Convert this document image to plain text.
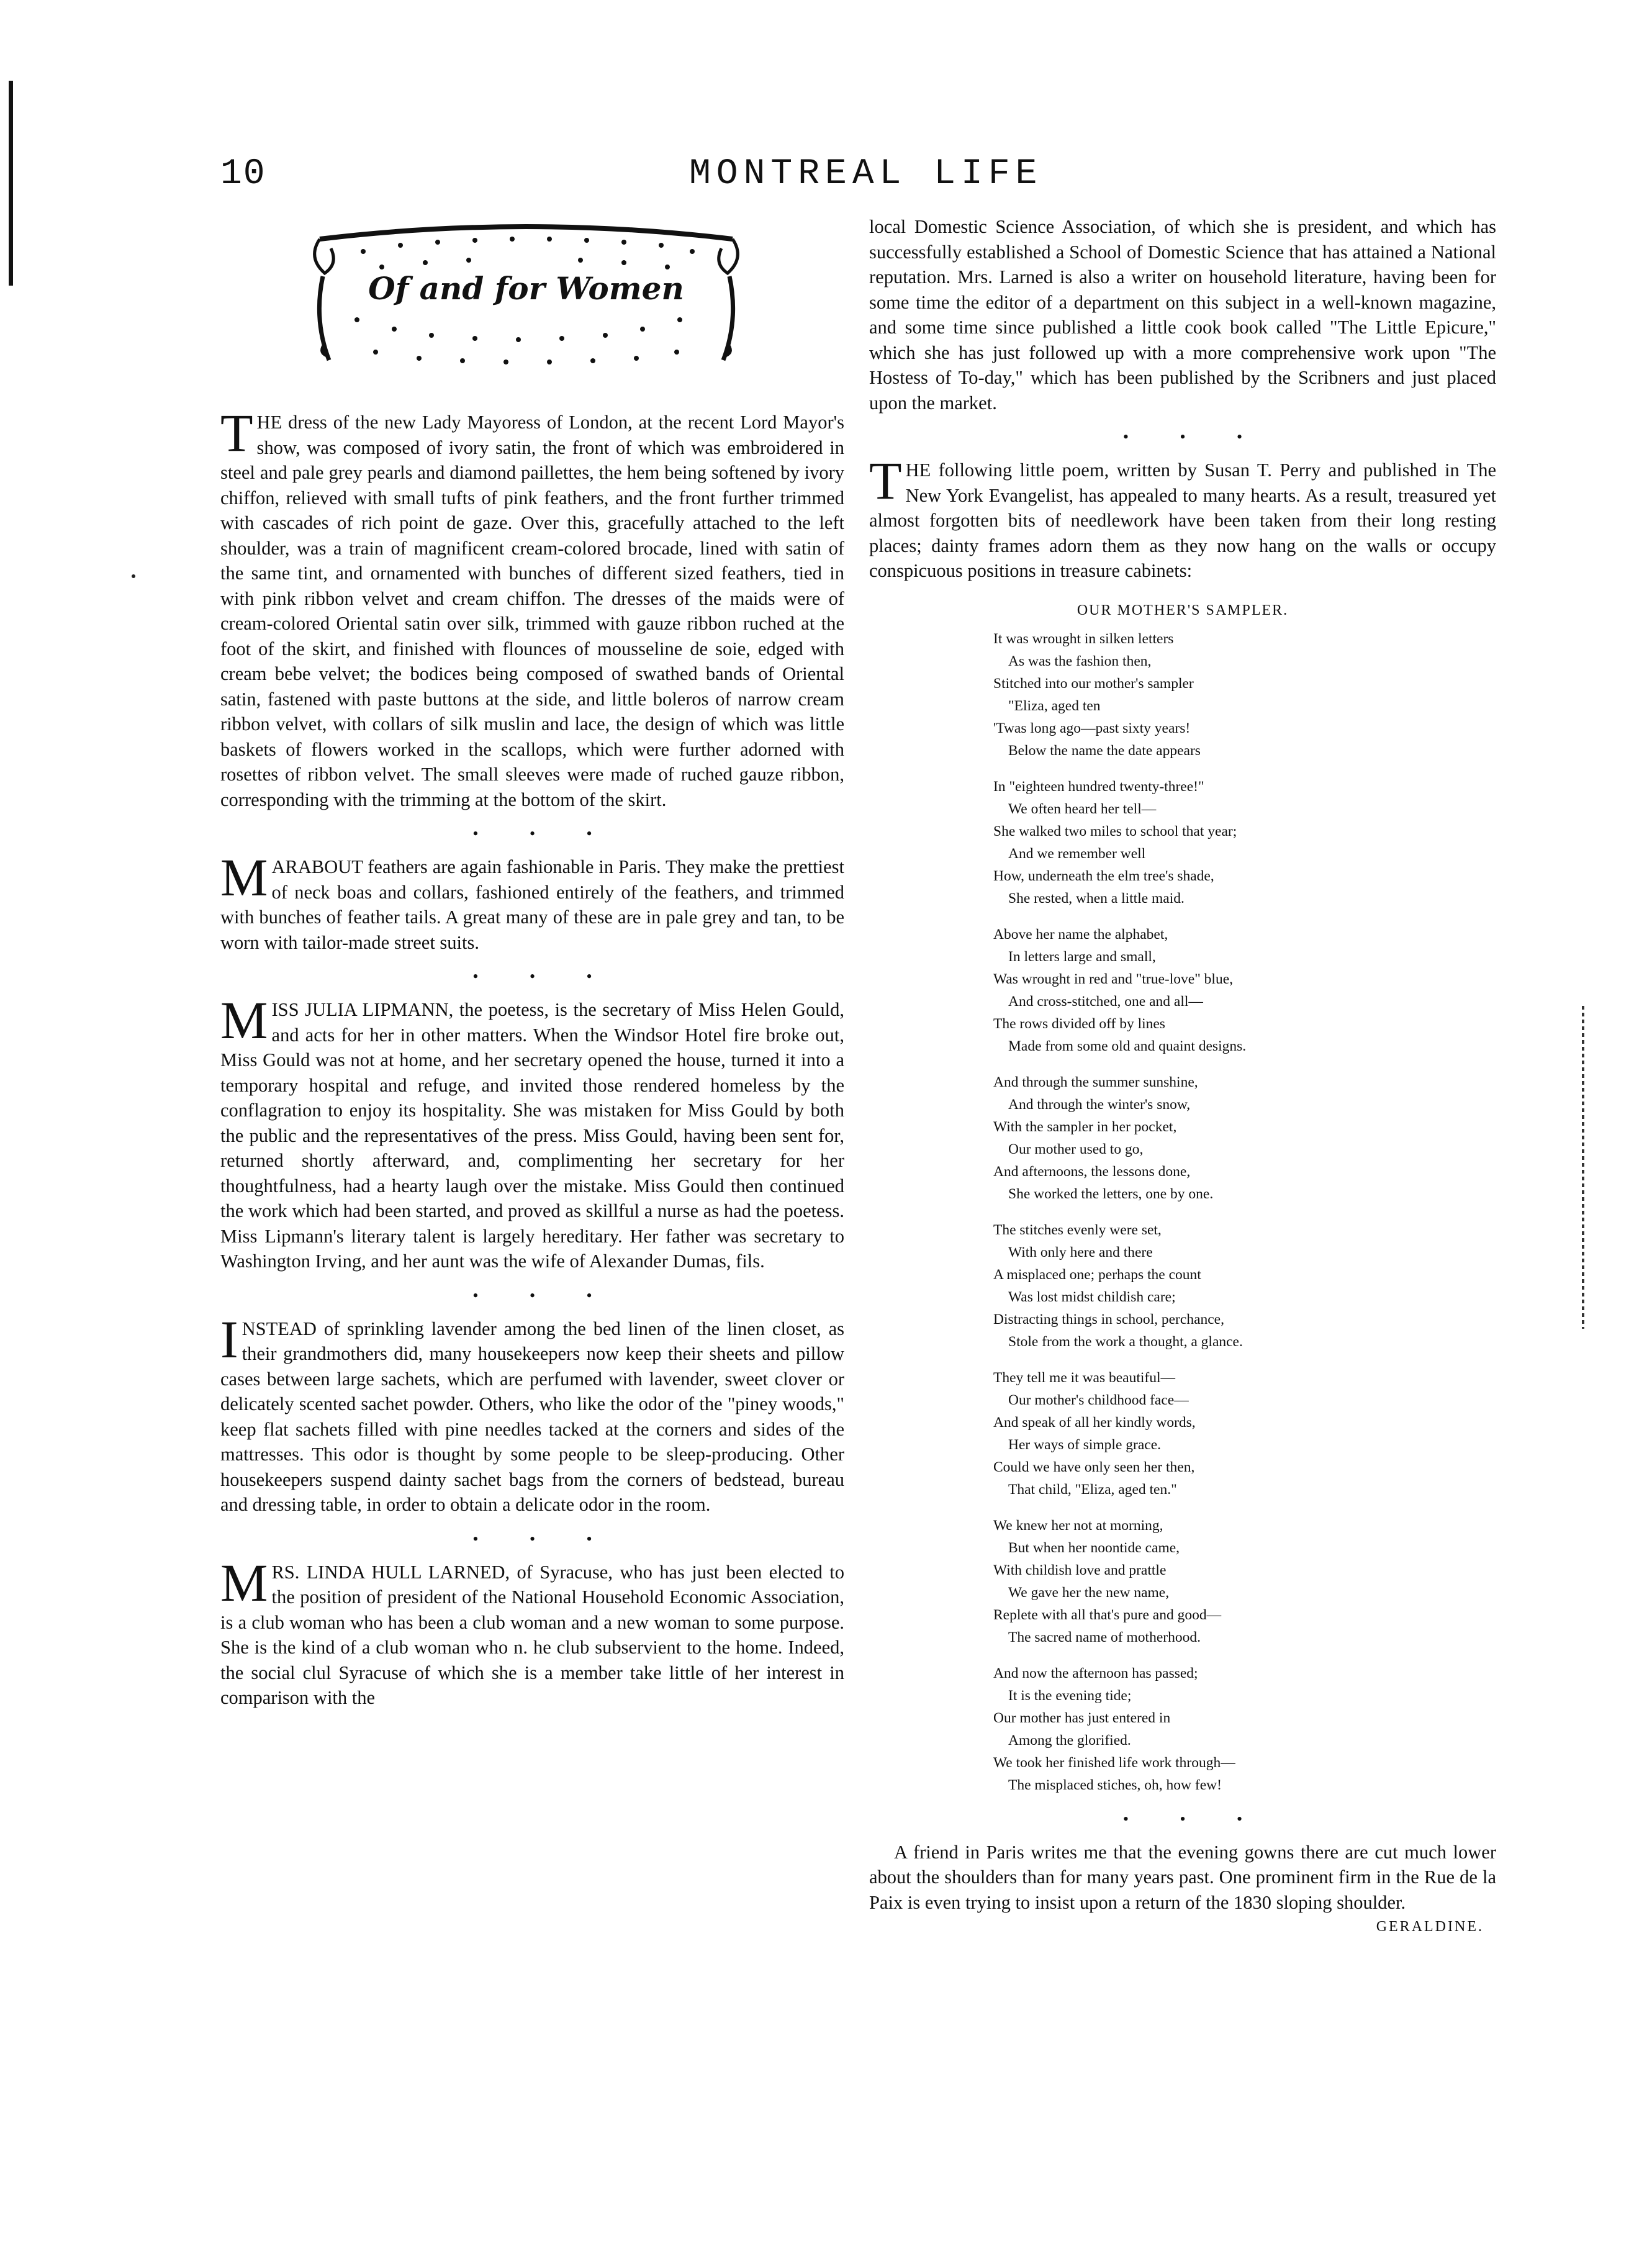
10	MONTREAL LIFE
Of and for Women

THE dress of the new Lady Mayoress of London, at the recent Lord Mayor's show, was composed of ivory satin, the front of which was embroidered in steel and pale grey pearls and diamond paillettes, the hem being softened by ivory chiffon, relieved with small tufts of pink feathers, and the front further trimmed with cascades of rich point de gaze. Over this, gracefully attached to the left shoulder, was a train of magnificent cream-colored brocade, lined with satin of the same tint, and ornamented with bunches of different sized feathers, tied in with pink ribbon velvet and cream chiffon. The dresses of the maids were of cream-colored Oriental satin over silk, trimmed with gauze ribbon ruched at the foot of the skirt, and finished with flounces of mousseline de soie, edged with cream bebe velvet; the bodices being composed of swathed bands of Oriental satin, fastened with paste buttons at the side, and little boleros of narrow cream ribbon velvet, with collars of silk muslin and lace, the design of which was little baskets of flowers worked in the scallops, which were further adorned with rosettes of ribbon velvet. The small sleeves were made of ruched gauze ribbon, corresponding with the trimming at the bottom of the skirt.

• • •

MARABOUT feathers are again fashionable in Paris. They make the prettiest of neck boas and collars, fashioned entirely of the feathers, and trimmed with bunches of feather tails. A great many of these are in pale grey and tan, to be worn with tailor-made street suits.

• • •

MISS JULIA LIPMANN, the poetess, is the secretary of Miss Helen Gould, and acts for her in other matters. When the Windsor Hotel fire broke out, Miss Gould was not at home, and her secretary opened the house, turned it into a temporary hospital and refuge, and invited those rendered homeless by the conflagration to enjoy its hospitality. She was mistaken for Miss Gould by both the public and the representatives of the press. Miss Gould, having been sent for, returned shortly afterward, and, complimenting her secretary for her thoughtfulness, had a hearty laugh over the mistake. Miss Gould then continued the work which had been started, and proved as skillful a nurse as had the poetess. Miss Lipmann's literary talent is largely hereditary. Her father was secretary to Washington Irving, and her aunt was the wife of Alexander Dumas, fils.

• • •

INSTEAD of sprinkling lavender among the bed linen of the linen closet, as their grandmothers did, many housekeepers now keep their sheets and pillow cases between large sachets, which are perfumed with lavender, sweet clover or delicately scented sachet powder. Others, who like the odor of the "piney woods," keep flat sachets filled with pine needles tacked at the corners and sides of the mattresses. This odor is thought by some people to be sleep-producing. Other housekeepers suspend dainty sachet bags from the corners of bedstead, bureau and dressing table, in order to obtain a delicate odor in the room.

• • •

MRS. LINDA HULL LARNED, of Syracuse, who has just been elected to the position of president of the National Household Economic Association, is a club woman who has been a club woman and a new woman to some purpose. She is the kind of a club woman who n. he club subservient to the home. Indeed, the social clul Syracuse of which she is a member take little of her interest in comparison with the

local Domestic Science Association, of which she is president, and which has successfully established a School of Domestic Science that has attained a National reputation. Mrs. Larned is also a writer on household literature, having been for some time the editor of a department on this subject in a well-known magazine, and some time since published a little cook book called "The Little Epicure," which she has just followed up with a more comprehensive work upon "The Hostess of To-day," which has been published by the Scribners and just placed upon the market.

• • •

THE following little poem, written by Susan T. Perry and published in The New York Evangelist, has appealed to many hearts. As a result, treasured yet almost forgotten bits of needlework have been taken from their long resting places; dainty frames adorn them as they now hang on the walls or occupy conspicuous positions in treasure cabinets:

OUR MOTHER'S SAMPLER.
It was wrought in silken letters
As was the fashion then,
Stitched into our mother's sampler
"Eliza, aged ten
'Twas long ago—past sixty years!
Below the name the date appears
In "eighteen hundred twenty-three!"
We often heard her tell—
She walked two miles to school that year;
And we remember well
How, underneath the elm tree's shade,
She rested, when a little maid.
Above her name the alphabet,
In letters large and small,
Was wrought in red and "true-love" blue,
And cross-stitched, one and all—
The rows divided off by lines
Made from some old and quaint designs.
And through the summer sunshine,
And through the winter's snow,
With the sampler in her pocket,
Our mother used to go,
And afternoons, the lessons done,
She worked the letters, one by one.
The stitches evenly were set,
With only here and there
A misplaced one; perhaps the count
Was lost midst childish care;
Distracting things in school, perchance,
Stole from the work a thought, a glance.
They tell me it was beautiful—
Our mother's childhood face—
And speak of all her kindly words,
Her ways of simple grace.
Could we have only seen her then,
That child, "Eliza, aged ten."
We knew her not at morning,
But when her noontide came,
With childish love and prattle
We gave her the new name,
Replete with all that's pure and good—
The sacred name of motherhood.
And now the afternoon has passed;
It is the evening tide;
Our mother has just entered in
Among the glorified.
We took her finished life work through—
The misplaced stiches, oh, how few!
• • •

A friend in Paris writes me that the evening gowns there are cut much lower about the shoulders than for many years past. One prominent firm in the Rue de la Paix is even trying to insist upon a return of the 1830 sloping shoulder.

GERALDINE.
